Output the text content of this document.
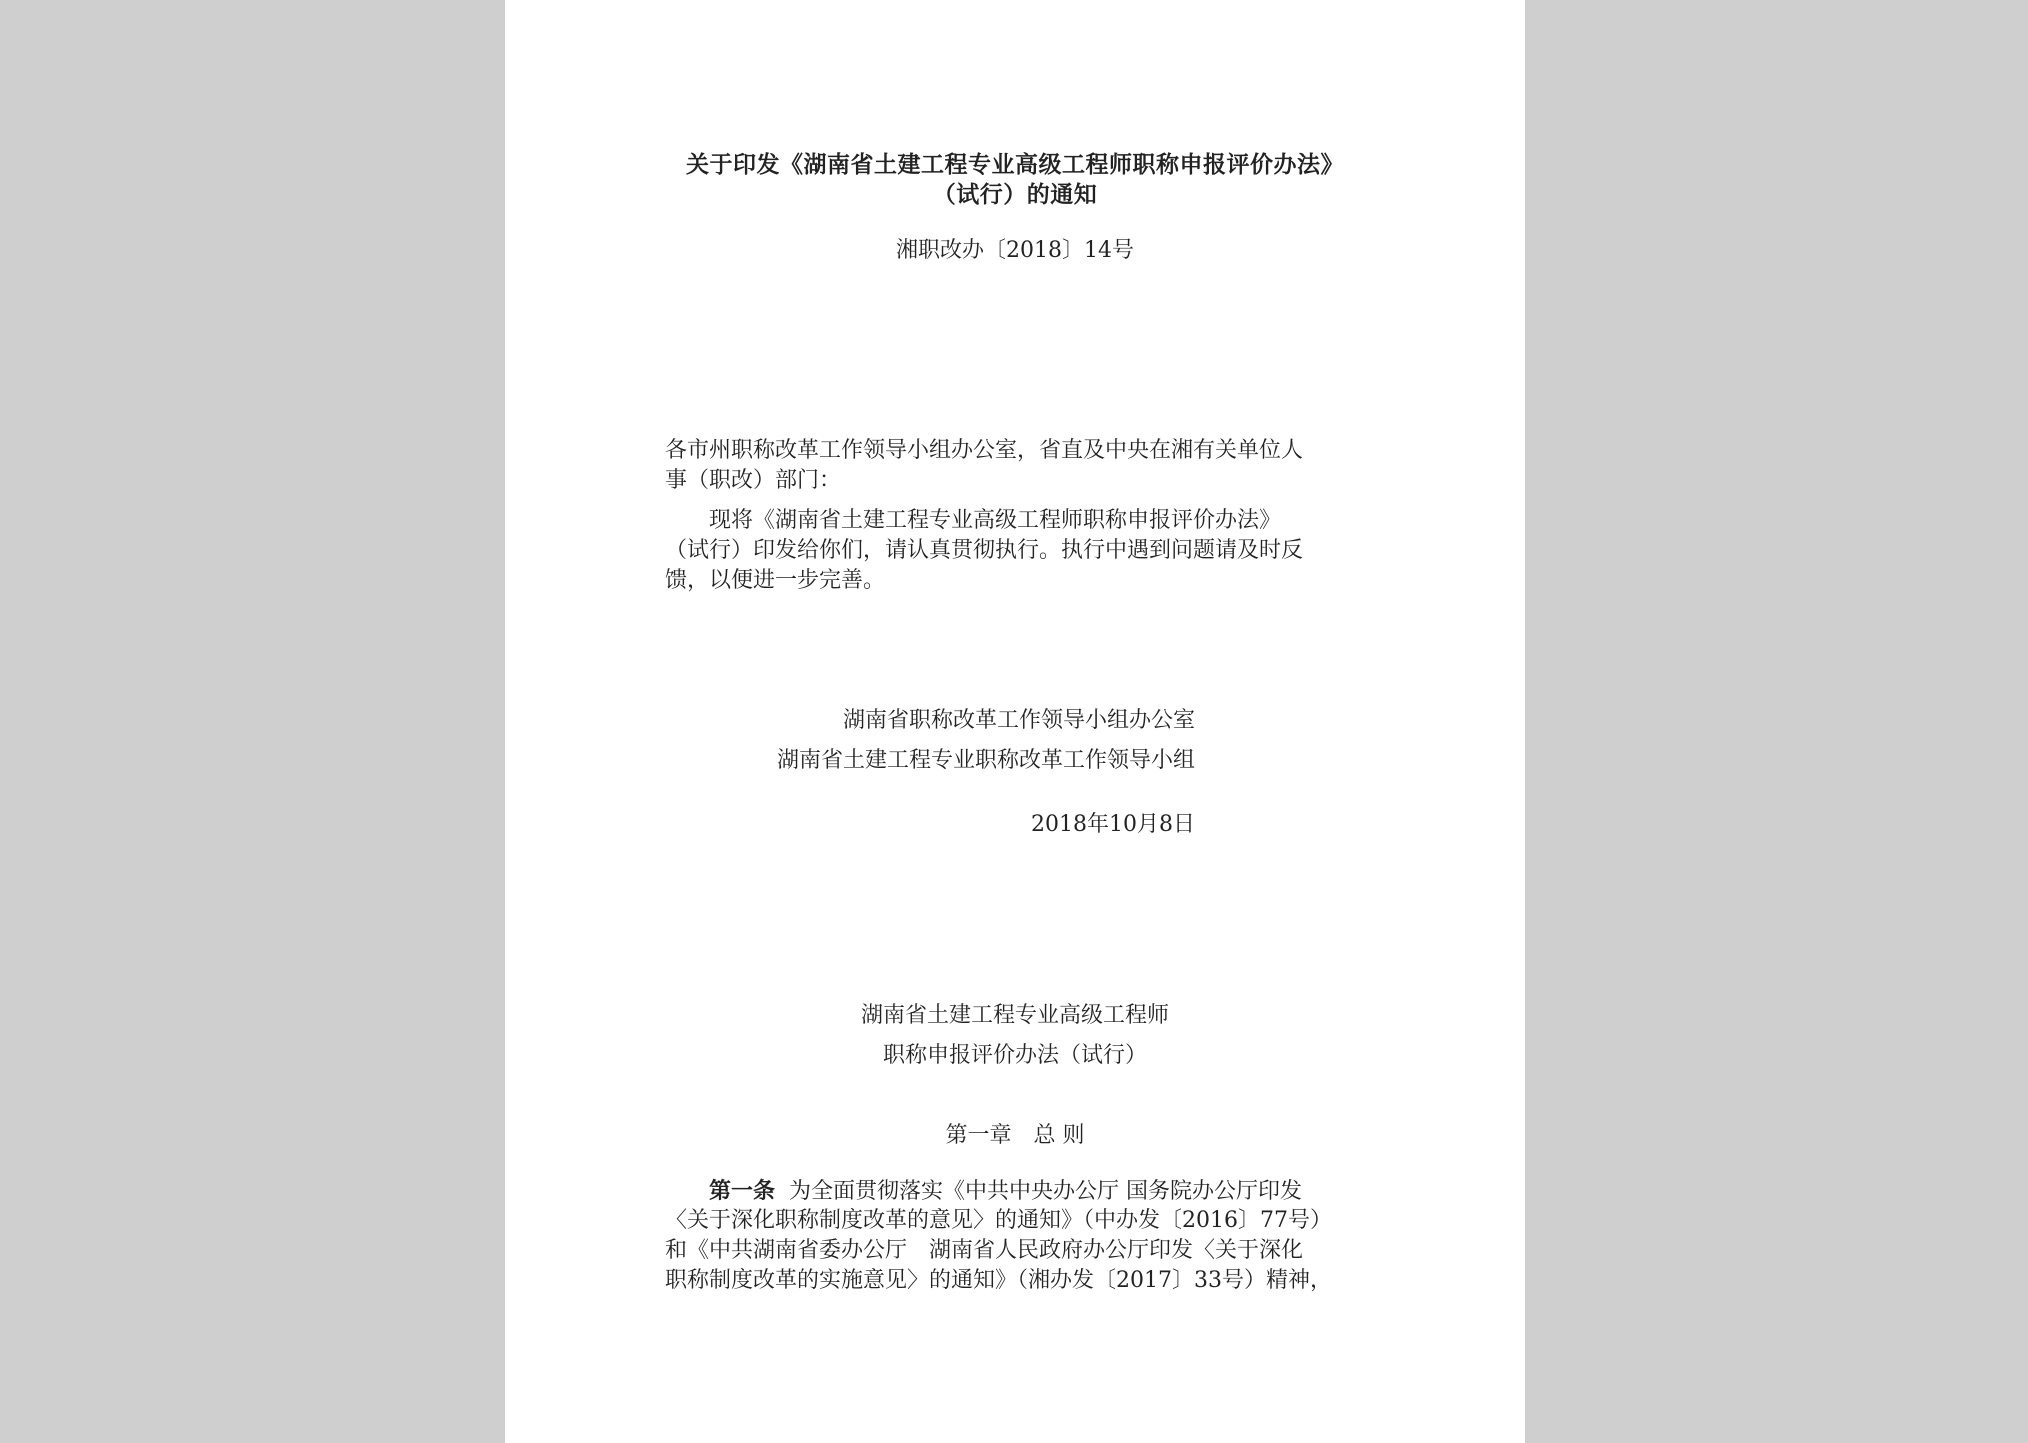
关于印发《湖南省土建工程专业高级工程师职称申报评价办法》
（试行）的通知
湘职改办〔2018〕14号
各市州职称改革工作领导小组办公室，省直及中央在湘有关单位人
事（职改）部门：
现将《湖南省土建工程专业高级工程师职称申报评价办法》
（试行）印发给你们，请认真贯彻执行。执行中遇到问题请及时反
馈，以便进一步完善。
湖南省职称改革工作领导小组办公室
湖南省土建工程专业职称改革工作领导小组
2018年10月8日
湖南省土建工程专业高级工程师
职称申报评价办法（试行）
第一章　总 则
第一条 为全面贯彻落实《中共中央办公厅 国务院办公厅印发
〈关于深化职称制度改革的意见〉的通知》（中办发〔2016〕77号）
和《中共湖南省委办公厅　湖南省人民政府办公厅印发〈关于深化
职称制度改革的实施意见〉的通知》（湘办发〔2017〕33号）精神，
